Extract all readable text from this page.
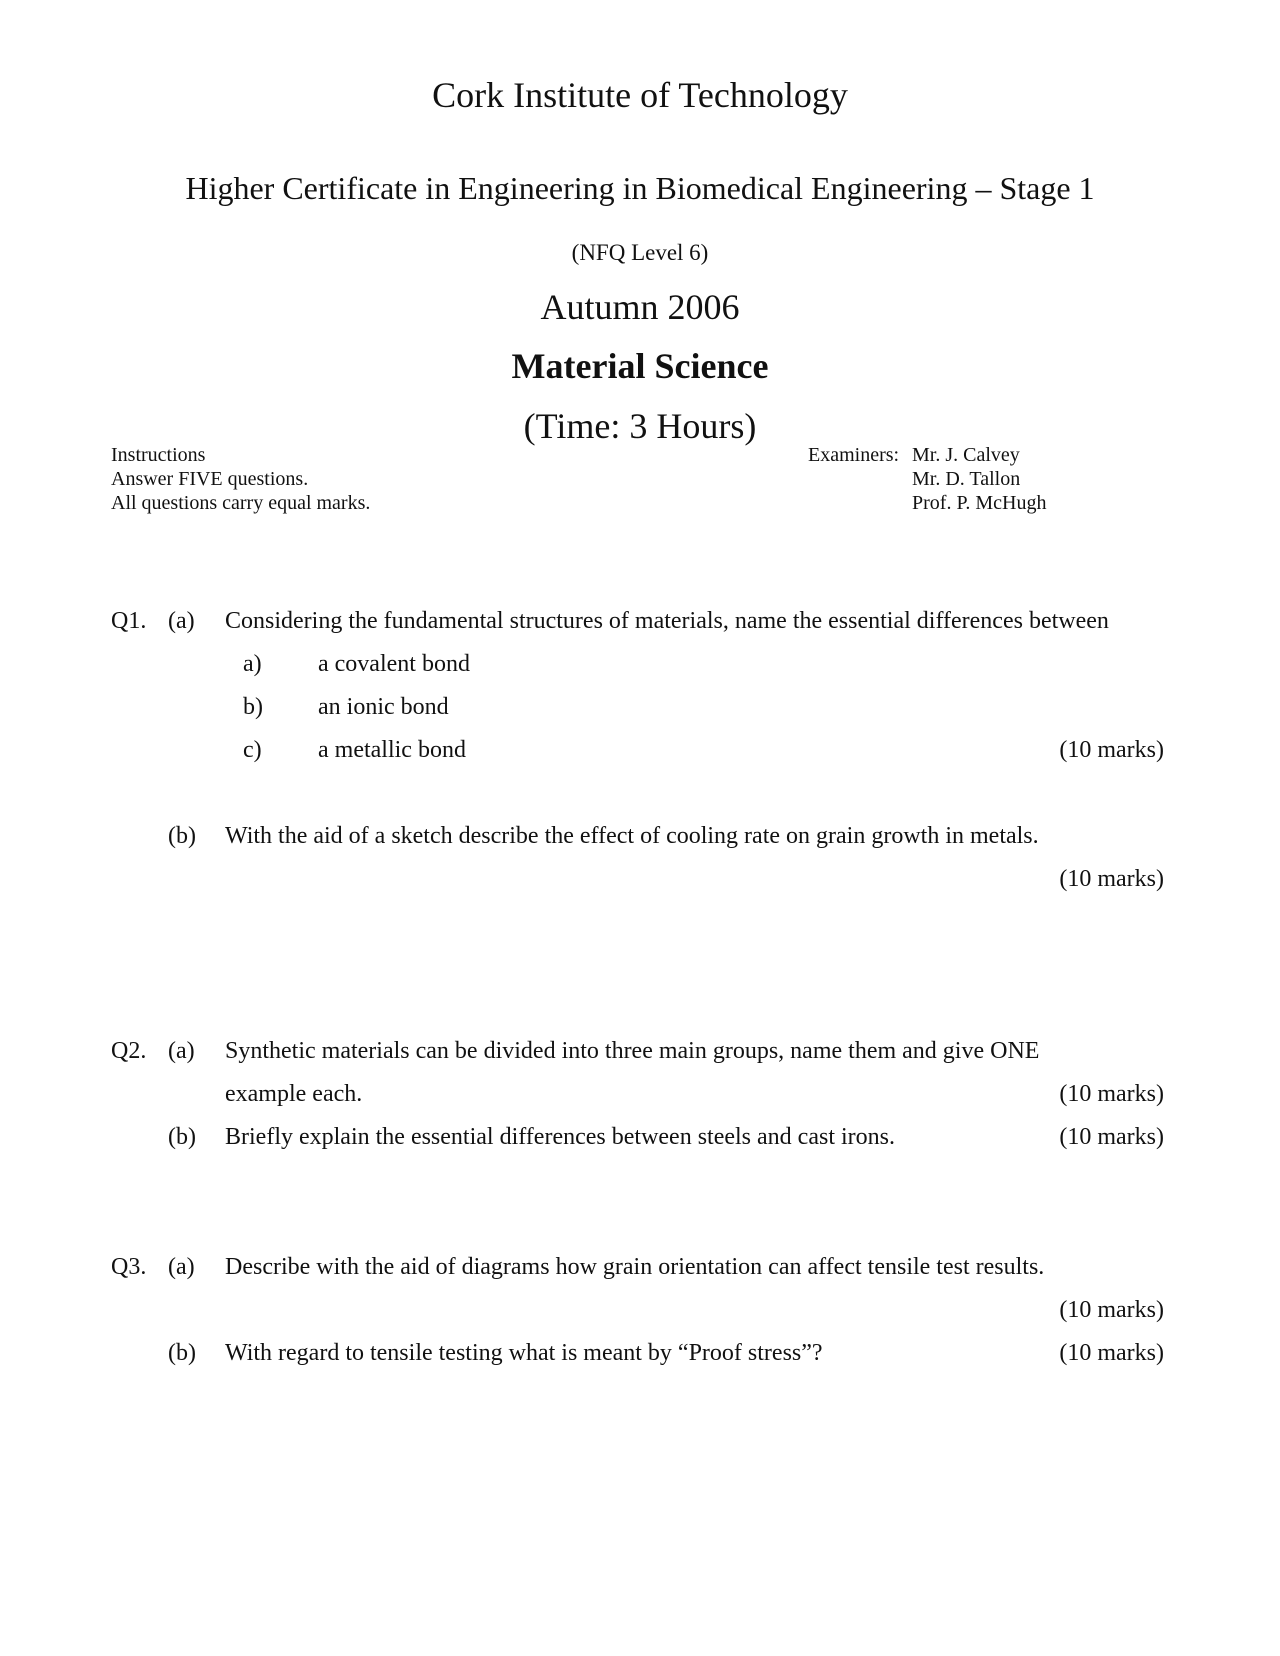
Cork Institute of Technology
Higher Certificate in Engineering in Biomedical Engineering – Stage 1
(NFQ Level 6)
Autumn 2006
Material Science
(Time: 3 Hours)
Instructions
Answer FIVE questions.
All questions carry equal marks.
Examiners: Mr. J. Calvey
Mr. D. Tallon
Prof. P. McHugh
Q1. (a) Considering the fundamental structures of materials, name the essential differences between
a) a covalent bond
b) an ionic bond
c) a metallic bond	(10 marks)
(b) With the aid of a sketch describe the effect of cooling rate on grain growth in metals.
(10 marks)
Q2. (a) Synthetic materials can be divided into three main groups, name them and give ONE
example each.	(10 marks)
(b) Briefly explain the essential differences between steels and cast irons.	(10 marks)
Q3. (a) Describe with the aid of diagrams how grain orientation can affect tensile test results.
(10 marks)
(b) With regard to tensile testing what is meant by “Proof stress”?	(10 marks)
